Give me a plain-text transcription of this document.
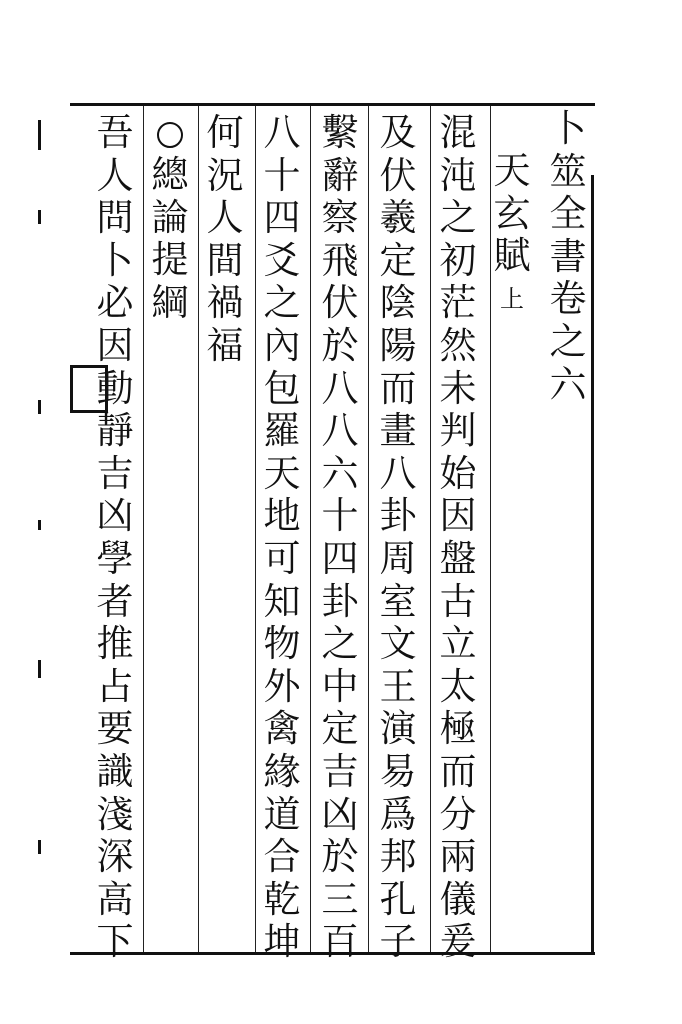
卜
筮
全
書
卷
之
六
天
玄
賦
上
混
沌
之
初
茫
然
未
判
始
因
盤
古
立
太
極
而
分
兩
儀
爰
及
伏
羲
定
陰
陽
而
畫
八
卦
周
室
文
王
演
易
爲
邦
孔
子
繫
辭
察
飛
伏
於
八
八
六
十
四
卦
之
中
定
吉
凶
於
三
百
八
十
四
爻
之
內
包
羅
天
地
可
知
物
外
禽
緣
道
合
乾
坤
何
況
人
間
禍
福
總
論
提
綱
吾
人
問
卜
必
因
動
靜
吉
凶
學
者
推
占
要
識
淺
深
高
下
